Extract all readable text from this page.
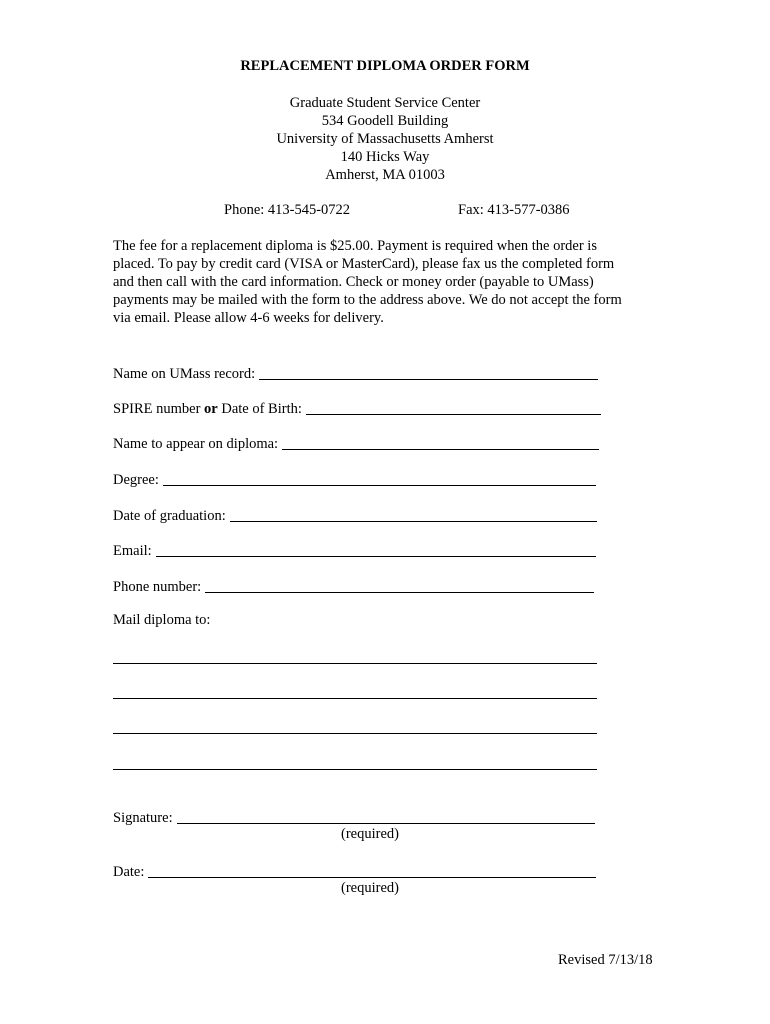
REPLACEMENT DIPLOMA ORDER FORM
Graduate Student Service Center
534 Goodell Building
University of Massachusetts Amherst
140 Hicks Way
Amherst, MA 01003
Phone: 413-545-0722	Fax: 413-577-0386
The fee for a replacement diploma is $25.00. Payment is required when the order is
placed. To pay by credit card (VISA or MasterCard), please fax us the completed form
and then call with the card information. Check or money order (payable to UMass)
payments may be mailed with the form to the address above. We do not accept the form
via email. Please allow 4-6 weeks for delivery.
Name on UMass record:
SPIRE number or Date of Birth:
Name to appear on diploma:
Degree:
Date of graduation:
Email:
Phone number:
Mail diploma to:
Signature:
(required)
Date:
(required)
Revised 7/13/18
